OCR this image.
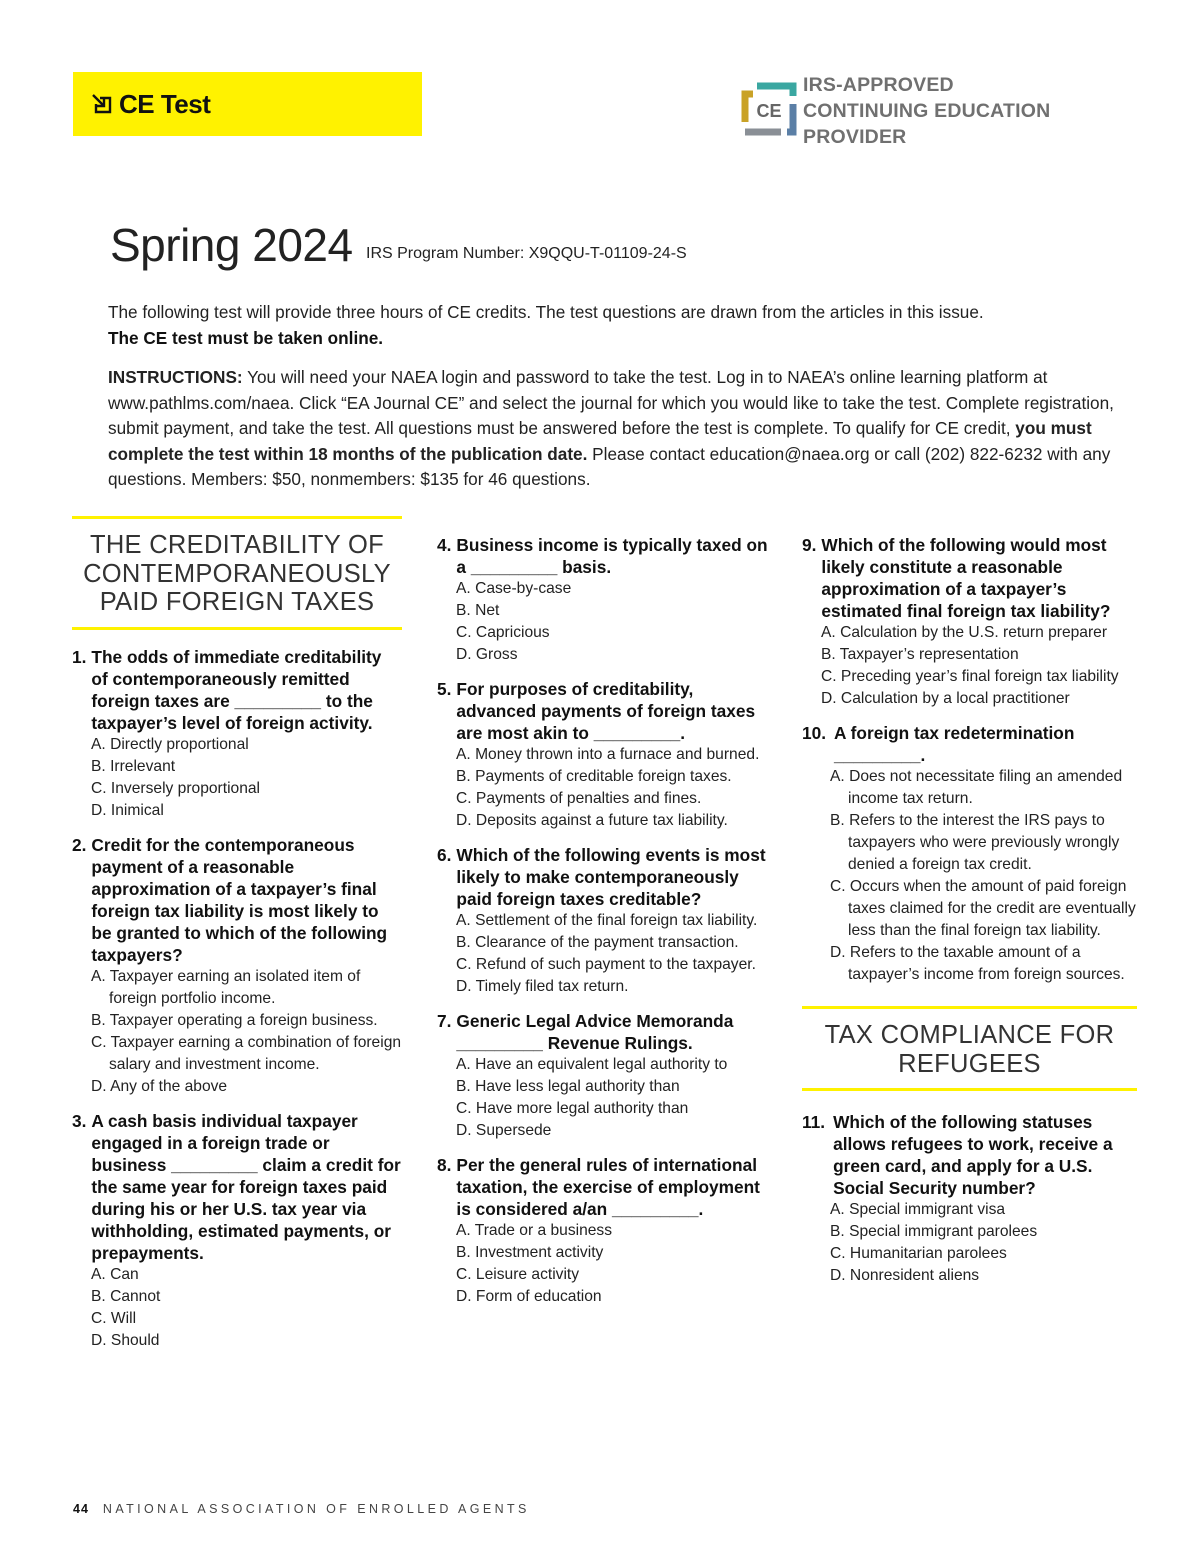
CE Test	CE
IRS-APPROVED
CONTINUING EDUCATION
PROVIDER
Spring 2024 IRS Program Number: X9QQU-T-01109-24-S
The following test will provide three hours of CE credits. The test questions are drawn from the articles in this issue.
The CE test must be taken online.
INSTRUCTIONS: You will need your NAEA login and password to take the test. Log in to NAEA’s online learning platform at www.pathlms.com/naea. Click “EA Journal CE” and select the journal for which you would like to take the test. Complete registration, submit payment, and take the test. All questions must be answered before the test is complete. To qualify for CE credit, you must complete the test within 18 months of the publication date. Please contact education@naea.org or call (202) 822-6232 with any questions. Members: $50, nonmembers: $135 for 46 questions.
THE CREDITABILITY OF
CONTEMPORANEOUSLY
PAID FOREIGN TAXES
1. The odds of immediate creditability of contemporaneously remitted foreign taxes are _________ to the taxpayer’s level of foreign activity.
A. Directly proportional
B. Irrelevant
C. Inversely proportional
D. Inimical
2. Credit for the contemporaneous payment of a reasonable approximation of a taxpayer’s final foreign tax liability is most likely to be granted to which of the following taxpayers?
A. Taxpayer earning an isolated item of foreign portfolio income.
B. Taxpayer operating a foreign business.
C. Taxpayer earning a combination of foreign salary and investment income.
D. Any of the above
3. A cash basis individual taxpayer engaged in a foreign trade or business _________ claim a credit for the same year for foreign taxes paid during his or her U.S. tax year via withholding, estimated payments, or prepayments.
A. Can
B. Cannot
C. Will
D. Should
4. Business income is typically taxed on a _________ basis.
A. Case-by-case
B. Net
C. Capricious
D. Gross
5. For purposes of creditability, advanced payments of foreign taxes are most akin to _________.
A. Money thrown into a furnace and burned.
B. Payments of creditable foreign taxes.
C. Payments of penalties and fines.
D. Deposits against a future tax liability.
6. Which of the following events is most likely to make contemporaneously paid foreign taxes creditable?
A. Settlement of the final foreign tax liability.
B. Clearance of the payment transaction.
C. Refund of such payment to the taxpayer.
D. Timely filed tax return.
7. Generic Legal Advice Memoranda _________ Revenue Rulings.
A. Have an equivalent legal authority to
B. Have less legal authority than
C. Have more legal authority than
D. Supersede
8. Per the general rules of international taxation, the exercise of employment is considered a/an _________.
A. Trade or a business
B. Investment activity
C. Leisure activity
D. Form of education
9. Which of the following would most likely constitute a reasonable approximation of a taxpayer’s estimated final foreign tax liability?
A. Calculation by the U.S. return preparer
B. Taxpayer’s representation
C. Preceding year’s final foreign tax liability
D. Calculation by a local practitioner
10. A foreign tax redetermination _________.
A. Does not necessitate filing an amended income tax return.
B. Refers to the interest the IRS pays to taxpayers who were previously wrongly denied a foreign tax credit.
C. Occurs when the amount of paid foreign taxes claimed for the credit are eventually less than the final foreign tax liability.
D. Refers to the taxable amount of a taxpayer’s income from foreign sources.
TAX COMPLIANCE FOR
REFUGEES
11. Which of the following statuses allows refugees to work, receive a green card, and apply for a U.S. Social Security number?
A. Special immigrant visa
B. Special immigrant parolees
C. Humanitarian parolees
D. Nonresident aliens
44 NATIONAL ASSOCIATION OF ENROLLED AGENTS
